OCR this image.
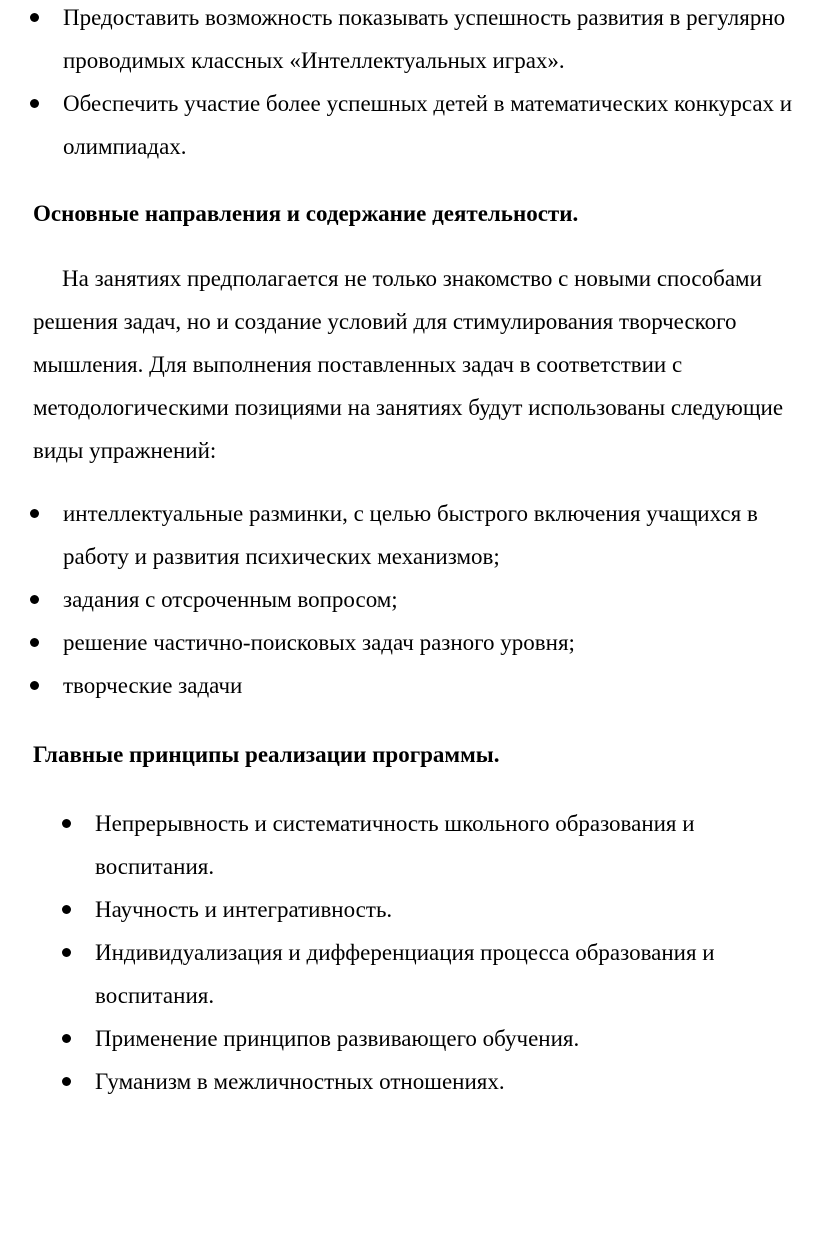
Предоставить возможность показывать успешность развития в регулярно проводимых классных «Интеллектуальных играх».
Обеспечить участие более успешных детей в математических конкурсах и олимпиадах.
Основные направления и содержание деятельности.
На занятиях предполагается не только знакомство с новыми способами решения задач, но и создание условий для стимулирования творческого мышления. Для выполнения поставленных задач в соответствии с методологическими позициями на занятиях будут использованы следующие виды упражнений:
интеллектуальные разминки, с целью быстрого включения учащихся в работу и развития психических механизмов;
задания с отсроченным вопросом;
решение частично-поисковых задач разного уровня;
творческие задачи
Главные принципы реализации программы.
Непрерывность и систематичность школьного образования и воспитания.
Научность и интегративность.
Индивидуализация и дифференциация процесса образования и воспитания.
Применение принципов развивающего обучения.
Гуманизм в межличностных отношениях.
